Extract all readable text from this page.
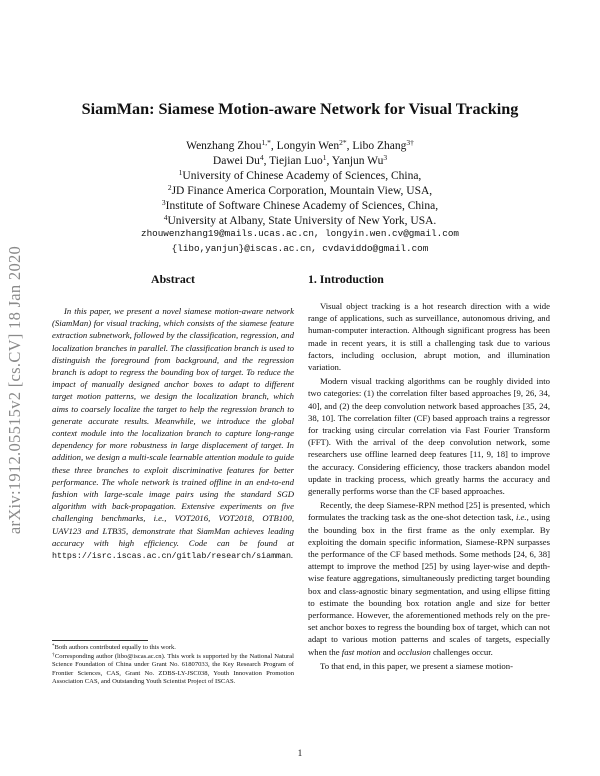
arXiv:1912.05515v2 [cs.CV] 18 Jan 2020
SiamMan: Siamese Motion-aware Network for Visual Tracking
Wenzhang Zhou$^{1,*}$, Longyin Wen$^{2*}$, Libo Zhang$^{3\dagger}$
Dawei Du$^4$, Tiejian Luo$^1$, Yanjun Wu$^3$
$^1$University of Chinese Academy of Sciences, China,
$^2$JD Finance America Corporation, Mountain View, USA,
$^3$Institute of Software Chinese Academy of Sciences, China,
$^4$University at Albany, State University of New York, USA.
zhouwenzhang19@mails.ucas.ac.cn, longyin.wen.cv@gmail.com
{libo,yanjun}@iscas.ac.cn, cvdaviddo@gmail.com
Abstract
In this paper, we present a novel siamese motion-aware network (SiamMan) for visual tracking, which consists of the siamese feature extraction subnetwork, followed by the classification, regression, and localization branches in parallel. The classification branch is used to distinguish the foreground from background, and the regression branch is adopt to regress the bounding box of target. To reduce the impact of manually designed anchor boxes to adapt to different target motion patterns, we design the localization branch, which aims to coarsely localize the target to help the regression branch to generate accurate results. Meanwhile, we introduce the global context module into the localization branch to capture long-range dependency for more robustness in large displacement of target. In addition, we design a multi-scale learnable attention module to guide these three branches to exploit discriminative features for better performance. The whole network is trained offline in an end-to-end fashion with large-scale image pairs using the standard SGD algorithm with back-propagation. Extensive experiments on five challenging benchmarks, i.e., VOT2016, VOT2018, OTB100, UAV123 and LTB35, demonstrate that SiamMan achieves leading accuracy with high efficiency. Code can be found at https://isrc.iscas.ac.cn/gitlab/research/siamman.
1. Introduction

Visual object tracking is a hot research direction with a wide range of applications, such as surveillance, autonomous driving, and human-computer interaction. Although significant progress has been made in recent years, it is still a challenging task due to various factors, including occlusion, abrupt motion, and illumination variation.

Modern visual tracking algorithms can be roughly divided into two categories: (1) the correlation filter based approaches [9, 26, 34, 40], and (2) the deep convolution network based approaches [35, 24, 38, 10]. The correlation filter (CF) based approach trains a regressor for tracking using circular correlation via Fast Fourier Transform (FFT). With the arrival of the deep convolution network, some researchers use offline learned deep features [11, 9, 18] to improve the accuracy. Considering efficiency, those trackers abandon model update in tracking process, which greatly harms the accuracy and generally performs worse than the CF based approaches.

Recently, the deep Siamese-RPN method [25] is presented, which formulates the tracking task as the one-shot detection task, i.e., using the bounding box in the first frame as the only exemplar. By exploiting the domain specific information, Siamese-RPN surpasses the performance of the CF based methods. Some methods [24, 6, 38] attempt to improve the method [25] by using layer-wise and depth-wise feature aggregations, simultaneously predicting target bounding box and class-agnostic binary segmentation, and using ellipse fitting to estimate the bounding box rotation angle and size for better performance. However, the aforementioned methods rely on the pre-set anchor boxes to regress the bounding box of target, which can not adapt to various motion patterns and scales of targets, especially when the fast motion and occlusion challenges occur.

To that end, in this paper, we present a siamese motion-

*Both authors contributed equally to this work.
†Corresponding author (libo@iscas.ac.cn). This work is supported by the National Natural Science Foundation of China under Grant No. 61807033, the Key Research Program of Frontier Sciences, CAS, Grant No. ZDBS-LY-JSC038, Youth Innovation Promotion Association CAS, and Outstanding Youth Scientist Project of ISCAS.
1
